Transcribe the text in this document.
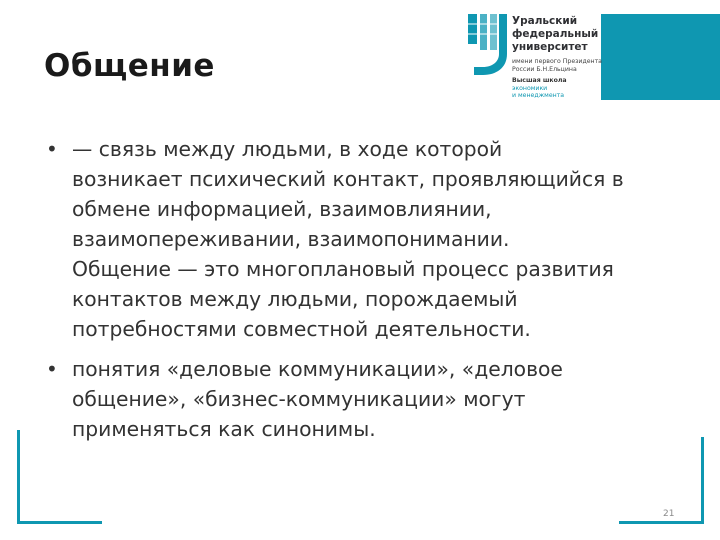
Общение
Уральский
федеральный
университет
имени первого Президента
России Б.Н.Ельцина
Высшая школа
экономики
и менеджмента
• — связь между людьми, в ходе которой
возникает психический контакт, проявляющийся в
обмене информацией, взаимовлиянии,
взаимопереживании, взаимопонимании.
Общение — это многоплановый процесс развития
контактов между людьми, порождаемый
потребностями совместной деятельности.
• понятия «деловые коммуникации», «деловое
общение», «бизнес-коммуникации» могут
применяться как синонимы.
21
